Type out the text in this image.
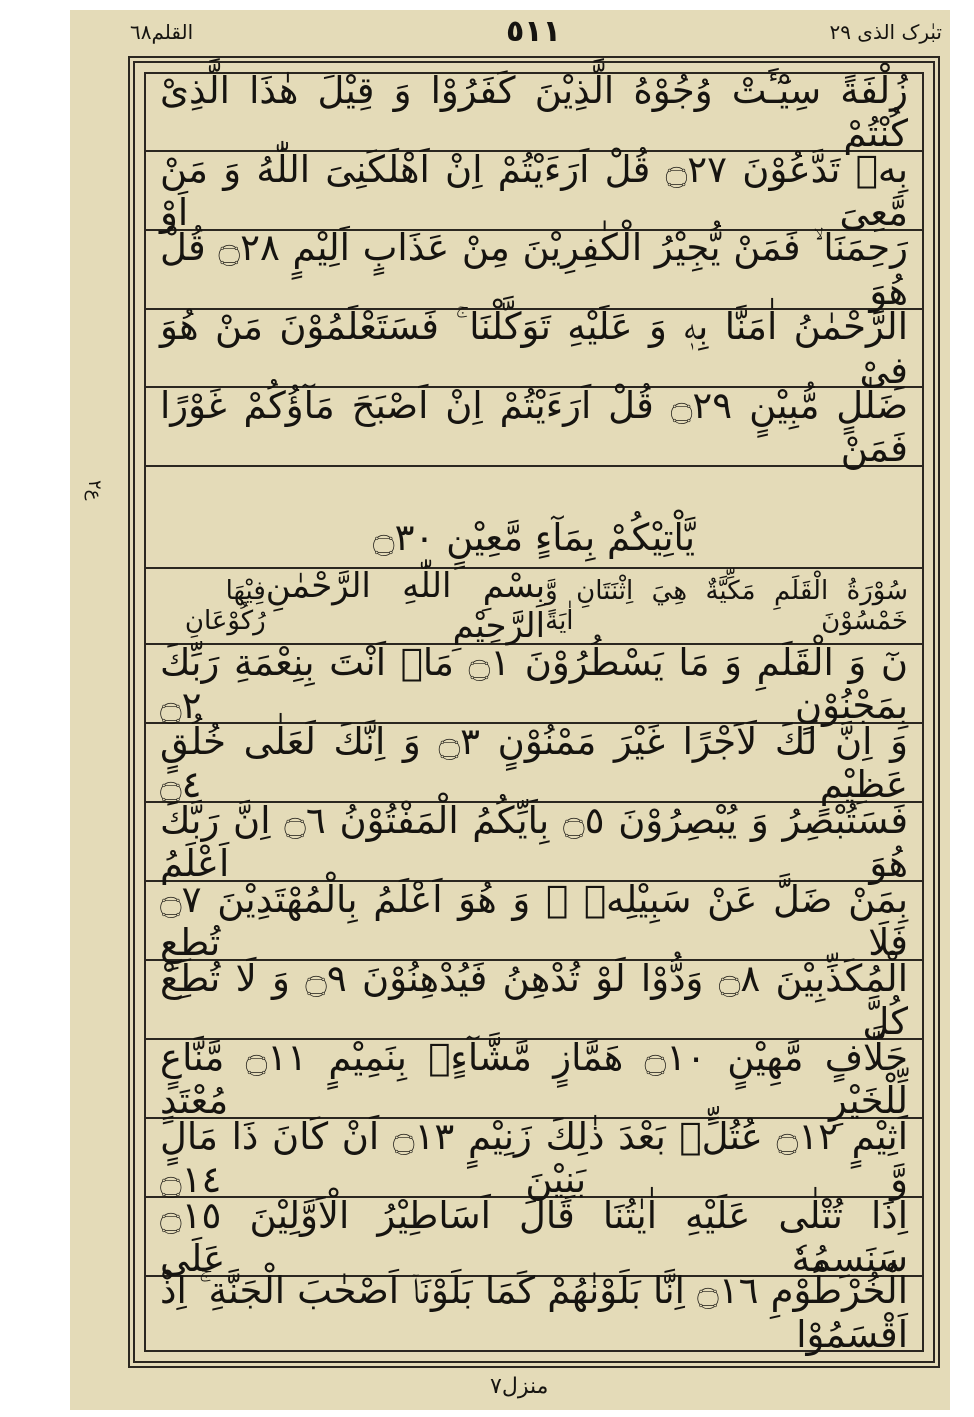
القلم٦٨	٥١١	تبٰرک الذی ٢٩
ع٢
زُلْفَةً سِیْٓـَٔتْ وُجُوْهُ الَّذِیْنَ كَفَرُوْا وَ قِیْلَ هٰذَا الَّذِیْ كُنْتُمْ
بِهٖ تَدَّعُوْنَ ۝٢٧ قُلْ اَرَءَیْتُمْ اِنْ اَهْلَكَنِیَ اللّٰهُ وَ مَنْ مَّعِیَ اَوْ
رَحِمَنَا ۙ فَمَنْ یُّجِیْرُ الْكٰفِرِیْنَ مِنْ عَذَابٍ اَلِیْمٍ ۝٢٨ قُلْ هُوَ
الرَّحْمٰنُ اٰمَنَّا بِهٖ وَ عَلَیْهِ تَوَكَّلْنَا ۚ فَسَتَعْلَمُوْنَ مَنْ هُوَ فِیْ
ضَلٰلٍ مُّبِیْنٍ ۝٢٩ قُلْ اَرَءَیْتُمْ اِنْ اَصْبَحَ مَآؤُكُمْ غَوْرًا فَمَنْ
یَّاْتِیْكُمْ بِمَآءٍ مَّعِیْنٍ ۝٣٠
سُوْرَةُ الْقَلَمِ مَكِّيَّةٌ هِيَ اِثْنَتَانِ وَّ خَمْسُوْنَ اٰيَةً
بِسْمِ اللّٰهِ الرَّحْمٰنِ الرَّحِیْمِ
فِيْهَا رُكُوْعَانِ
نٓ وَ الْقَلَمِ وَ مَا یَسْطُرُوْنَ ۝١ مَاۤ اَنْتَ بِنِعْمَةِ رَبِّكَ بِمَجْنُوْنٍ ۝٢
وَ اِنَّ لَكَ لَاَجْرًا غَیْرَ مَمْنُوْنٍ ۝٣ وَ اِنَّكَ لَعَلٰى خُلُقٍ عَظِیْمٍ ۝٤
فَسَتُبْصِرُ وَ یُبْصِرُوْنَ ۝٥ بِاَیِّكُمُ الْمَفْتُوْنُ ۝٦ اِنَّ رَبَّكَ هُوَ اَعْلَمُ
بِمَنْ ضَلَّ عَنْ سَبِیْلِهٖ ۪ وَ هُوَ اَعْلَمُ بِالْمُهْتَدِیْنَ ۝٧ فَلَا تُطِعِ
الْمُكَذِّبِیْنَ ۝٨ وَدُّوْا لَوْ تُدْهِنُ فَیُدْهِنُوْنَ ۝٩ وَ لَا تُطِعْ كُلَّ
حَلَّافٍ مَّهِیْنٍ ۝١٠ هَمَّازٍ مَّشَّآءٍۭ بِنَمِیْمٍ ۝١١ مَّنَّاعٍ لِّلْخَیْرِ مُعْتَدٍ
اَثِیْمٍ ۝١٢ عُتُلٍّۭ بَعْدَ ذٰلِكَ زَنِیْمٍ ۝١٣ اَنْ كَانَ ذَا مَالٍ وَّ بَنِیْنَ ۝١٤
اِذَا تُتْلٰى عَلَیْهِ اٰیٰتُنَا قَالَ اَسَاطِیْرُ الْاَوَّلِیْنَ ۝١٥ سَنَسِمُهٗ عَلَى
الْخُرْطُوْمِ ۝١٦ اِنَّا بَلَوْنٰهُمْ كَمَا بَلَوْنَاۤ اَصْحٰبَ الْجَنَّةِ ۚ اِذْ اَقْسَمُوْا
منزل٧
